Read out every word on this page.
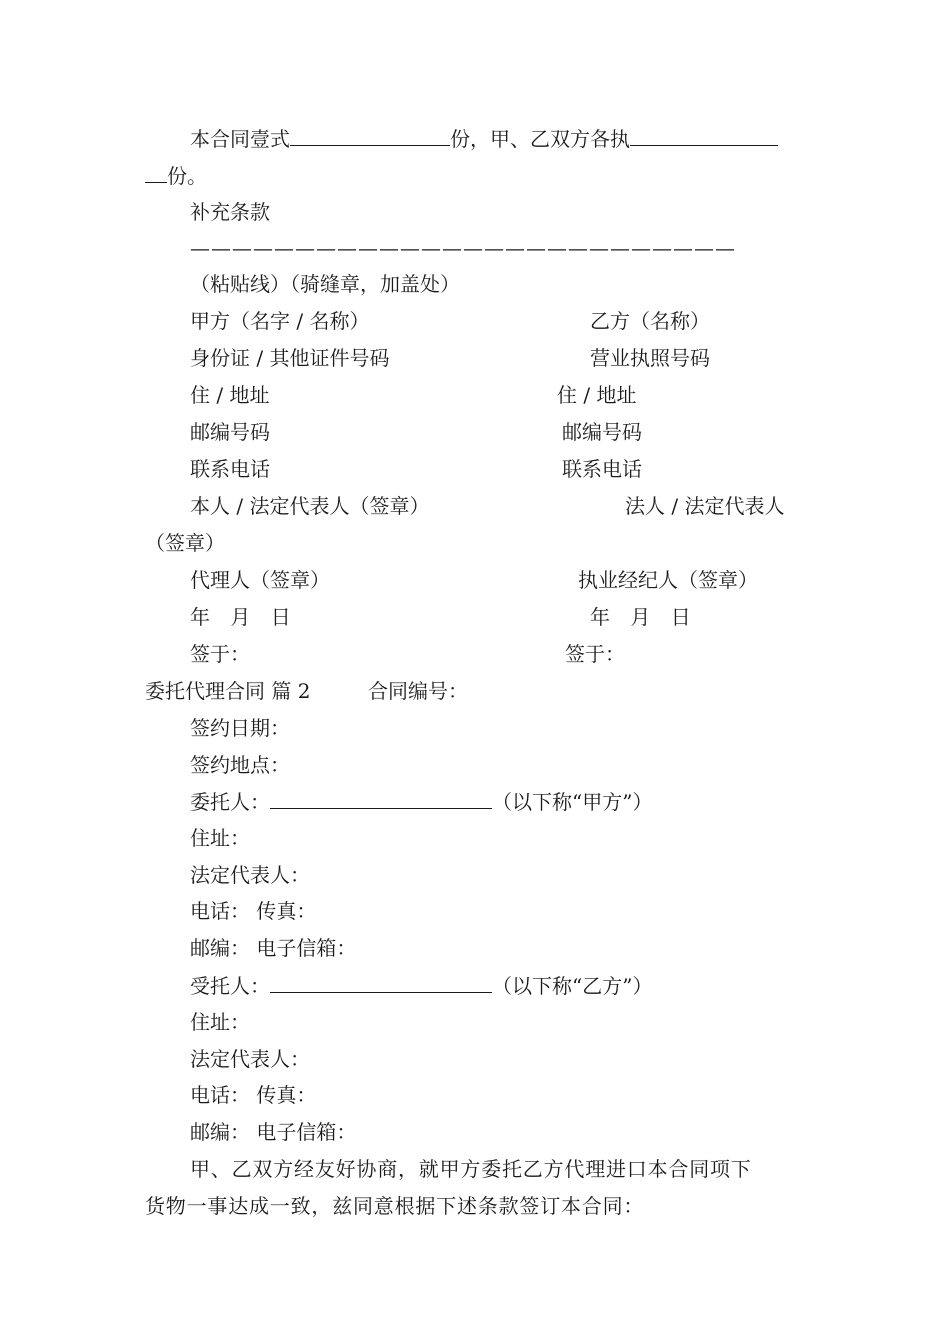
本合同壹式	份，甲、乙双方各执
份。
补充条款
——————————————————————————
（粘贴线）（骑缝章，加盖处）
甲方（名字 / 名称）	乙方（名称）
身份证 / 其他证件号码	营业执照号码
住 / 地址	住 / 地址
邮编号码	邮编号码
联系电话	联系电话
本人 / 法定代表人（签章）	法人 / 法定代表人
（签章）
代理人（签章）	执业经纪人（签章）
年 月 日	年 月 日
签于：	签于：
委托代理合同 篇 2	合同编号：
签约日期：
签约地点：
委托人：	（以下称“甲方”）
住址：
法定代表人：
电话： 传真：
邮编： 电子信箱：
受托人：	（以下称“乙方”）
住址：
法定代表人：
电话： 传真：
邮编： 电子信箱：
甲、乙双方经友好协商，就甲方委托乙方代理进口本合同项下
货物一事达成一致，兹同意根据下述条款签订本合同：
